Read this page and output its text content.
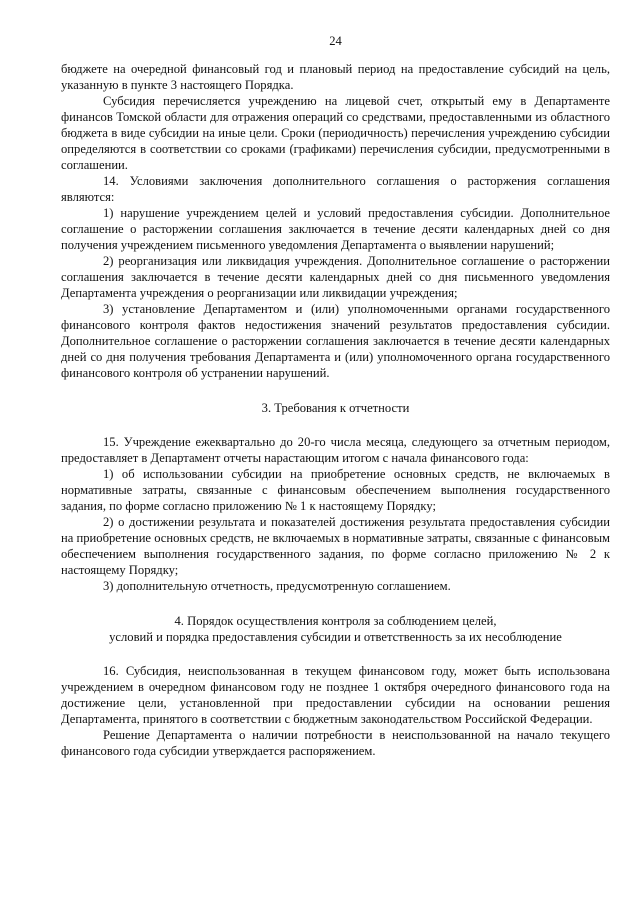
24

бюджете на очередной финансовый год и плановый период на предоставление субсидий на цель, указанную в пункте 3 настоящего Порядка.

Субсидия перечисляется учреждению на лицевой счет, открытый ему в Департаменте финансов Томской области для отражения операций со средствами, предоставленными из областного бюджета в виде субсидии на иные цели. Сроки (периодичность) перечисления учреждению субсидии определяются в соответствии со сроками (графиками) перечисления субсидии, предусмотренными в соглашении.

14. Условиями заключения дополнительного соглашения о расторжения соглашения являются:

1) нарушение учреждением целей и условий предоставления субсидии. Дополнительное соглашение о расторжении соглашения заключается в течение десяти календарных дней со дня получения учреждением письменного уведомления Департамента о выявлении нарушений;

2) реорганизация или ликвидация учреждения. Дополнительное соглашение о расторжении соглашения заключается в течение десяти календарных дней со дня письменного уведомления Департамента учреждения о реорганизации или ликвидации учреждения;

3) установление Департаментом и (или) уполномоченными органами государственного финансового контроля фактов недостижения значений результатов предоставления субсидии. Дополнительное соглашение о расторжении соглашения заключается в течение десяти календарных дней со дня получения требования Департамента и (или) уполномоченного органа государственного финансового контроля об устранении нарушений.

3. Требования к отчетности

15. Учреждение ежеквартально до 20-го числа месяца, следующего за отчетным периодом, предоставляет в Департамент отчеты нарастающим итогом с начала финансового года:

1) об использовании субсидии на приобретение основных средств, не включаемых в нормативные затраты, связанные с финансовым обеспечением выполнения государственного задания, по форме согласно приложению № 1 к настоящему Порядку;

2) о достижении результата и показателей достижения результата предоставления субсидии на приобретение основных средств, не включаемых в нормативные затраты, связанные с финансовым обеспечением выполнения государственного задания, по форме согласно приложению № 2 к настоящему Порядку;

3) дополнительную отчетность, предусмотренную соглашением.

4. Порядок осуществления контроля за соблюдением целей,

условий и порядка предоставления субсидии и ответственность за их несоблюдение

16. Субсидия, неиспользованная в текущем финансовом году, может быть использована учреждением в очередном финансовом году не позднее 1 октября очередного финансового года на достижение цели, установленной при предоставлении субсидии на основании решения Департамента, принятого в соответствии с бюджетным законодательством Российской Федерации.

Решение Департамента о наличии потребности в неиспользованной на начало текущего финансового года субсидии утверждается распоряжением.
